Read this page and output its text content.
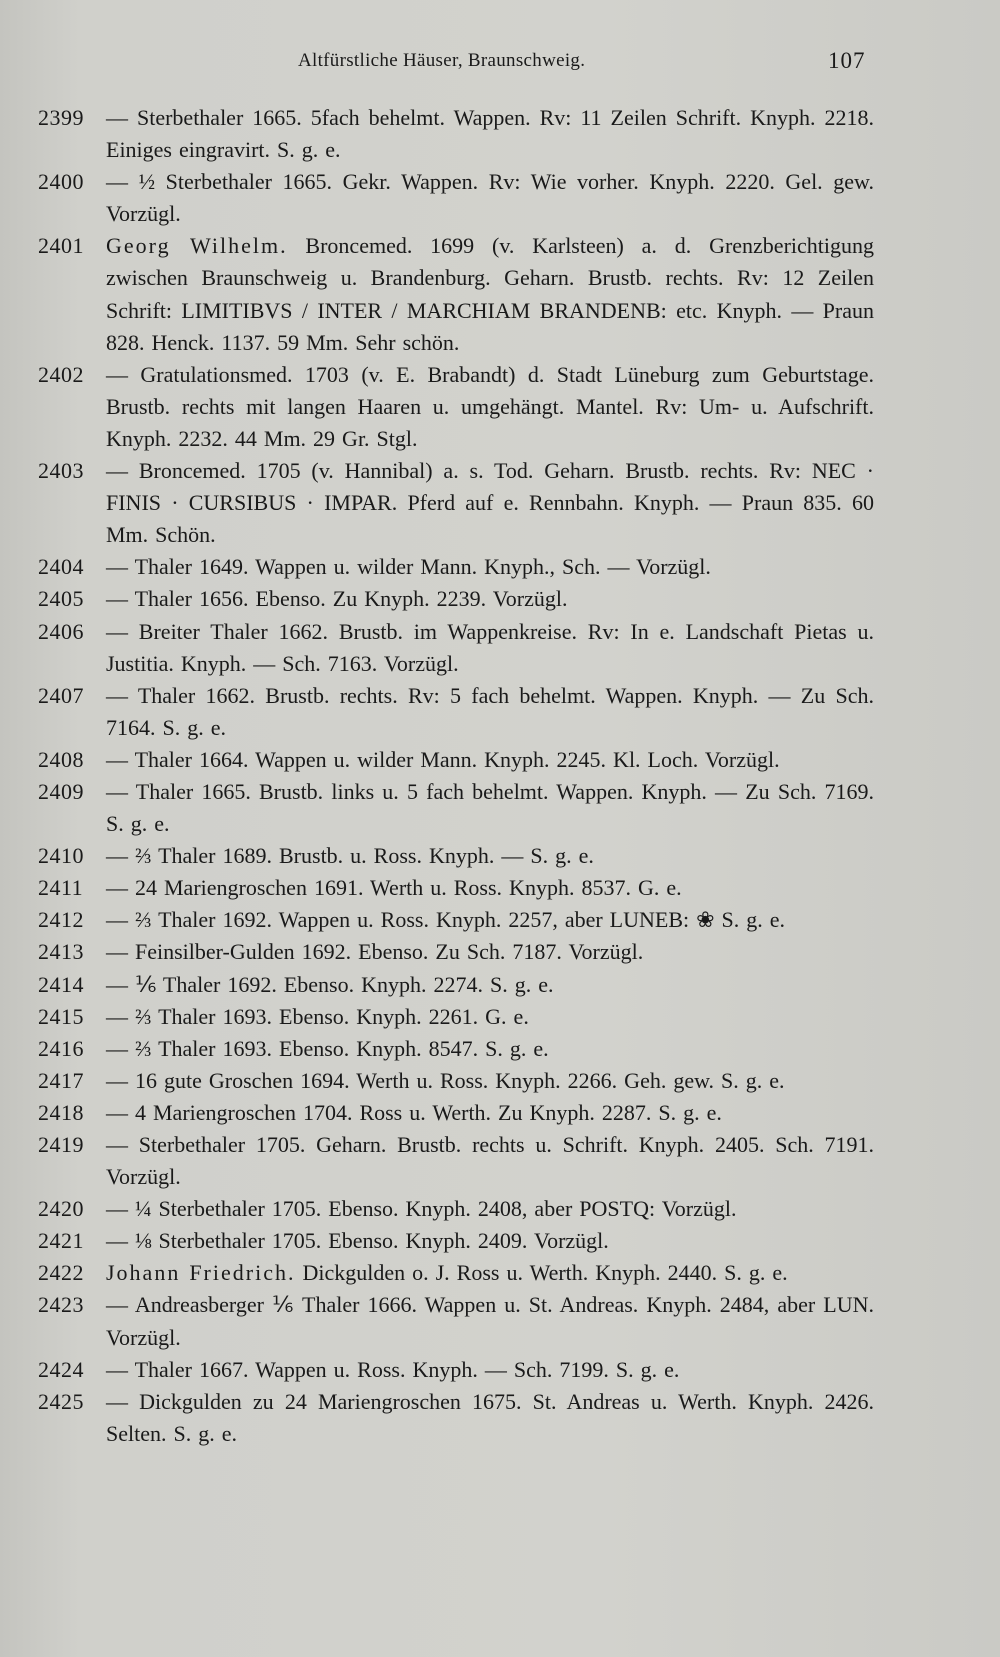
Altfürstliche Häuser, Braunschweig.	107
2399	— Sterbethaler 1665. 5fach behelmt. Wappen. Rv: 11 Zeilen Schrift. Knyph. 2218. Einiges eingravirt. S. g. e.
2400	— ½ Sterbethaler 1665. Gekr. Wappen. Rv: Wie vorher. Knyph. 2220. Gel. gew. Vorzügl.
2401	Georg Wilhelm. Broncemed. 1699 (v. Karlsteen) a. d. Grenzberichtigung zwischen Braunschweig u. Brandenburg. Geharn. Brustb. rechts. Rv: 12 Zeilen Schrift: LIMITIBVS / INTER / MARCHIAM BRANDENB: etc. Knyph. — Praun 828. Henck. 1137. 59 Mm. Sehr schön.
2402	— Gratulationsmed. 1703 (v. E. Brabandt) d. Stadt Lüneburg zum Geburtstage. Brustb. rechts mit langen Haaren u. umgehängt. Mantel. Rv: Um- u. Aufschrift. Knyph. 2232. 44 Mm. 29 Gr. Stgl.
2403	— Broncemed. 1705 (v. Hannibal) a. s. Tod. Geharn. Brustb. rechts. Rv: NEC · FINIS · CURSIBUS · IMPAR. Pferd auf e. Rennbahn. Knyph. — Praun 835. 60 Mm. Schön.
2404	— Thaler 1649. Wappen u. wilder Mann. Knyph., Sch. — Vorzügl.
2405	— Thaler 1656. Ebenso. Zu Knyph. 2239. Vorzügl.
2406	— Breiter Thaler 1662. Brustb. im Wappenkreise. Rv: In e. Landschaft Pietas u. Justitia. Knyph. — Sch. 7163. Vorzügl.
2407	— Thaler 1662. Brustb. rechts. Rv: 5 fach behelmt. Wappen. Knyph. — Zu Sch. 7164. S. g. e.
2408	— Thaler 1664. Wappen u. wilder Mann. Knyph. 2245. Kl. Loch. Vorzügl.
2409	— Thaler 1665. Brustb. links u. 5 fach behelmt. Wappen. Knyph. — Zu Sch. 7169. S. g. e.
2410	— ⅔ Thaler 1689. Brustb. u. Ross. Knyph. — S. g. e.
2411	— 24 Mariengroschen 1691. Werth u. Ross. Knyph. 8537. G. e.
2412	— ⅔ Thaler 1692. Wappen u. Ross. Knyph. 2257, aber LUNEB: ❀ S. g. e.
2413	— Feinsilber-Gulden 1692. Ebenso. Zu Sch. 7187. Vorzügl.
2414	— ⅙ Thaler 1692. Ebenso. Knyph. 2274. S. g. e.
2415	— ⅔ Thaler 1693. Ebenso. Knyph. 2261. G. e.
2416	— ⅔ Thaler 1693. Ebenso. Knyph. 8547. S. g. e.
2417	— 16 gute Groschen 1694. Werth u. Ross. Knyph. 2266. Geh. gew. S. g. e.
2418	— 4 Mariengroschen 1704. Ross u. Werth. Zu Knyph. 2287. S. g. e.
2419	— Sterbethaler 1705. Geharn. Brustb. rechts u. Schrift. Knyph. 2405. Sch. 7191. Vorzügl.
2420	— ¼ Sterbethaler 1705. Ebenso. Knyph. 2408, aber POSTQ: Vorzügl.
2421	— ⅛ Sterbethaler 1705. Ebenso. Knyph. 2409. Vorzügl.
2422	Johann Friedrich. Dickgulden o. J. Ross u. Werth. Knyph. 2440. S. g. e.
2423	— Andreasberger ⅙ Thaler 1666. Wappen u. St. Andreas. Knyph. 2484, aber LUN. Vorzügl.
2424	— Thaler 1667. Wappen u. Ross. Knyph. — Sch. 7199. S. g. e.
2425	— Dickgulden zu 24 Mariengroschen 1675. St. Andreas u. Werth. Knyph. 2426. Selten. S. g. e.
